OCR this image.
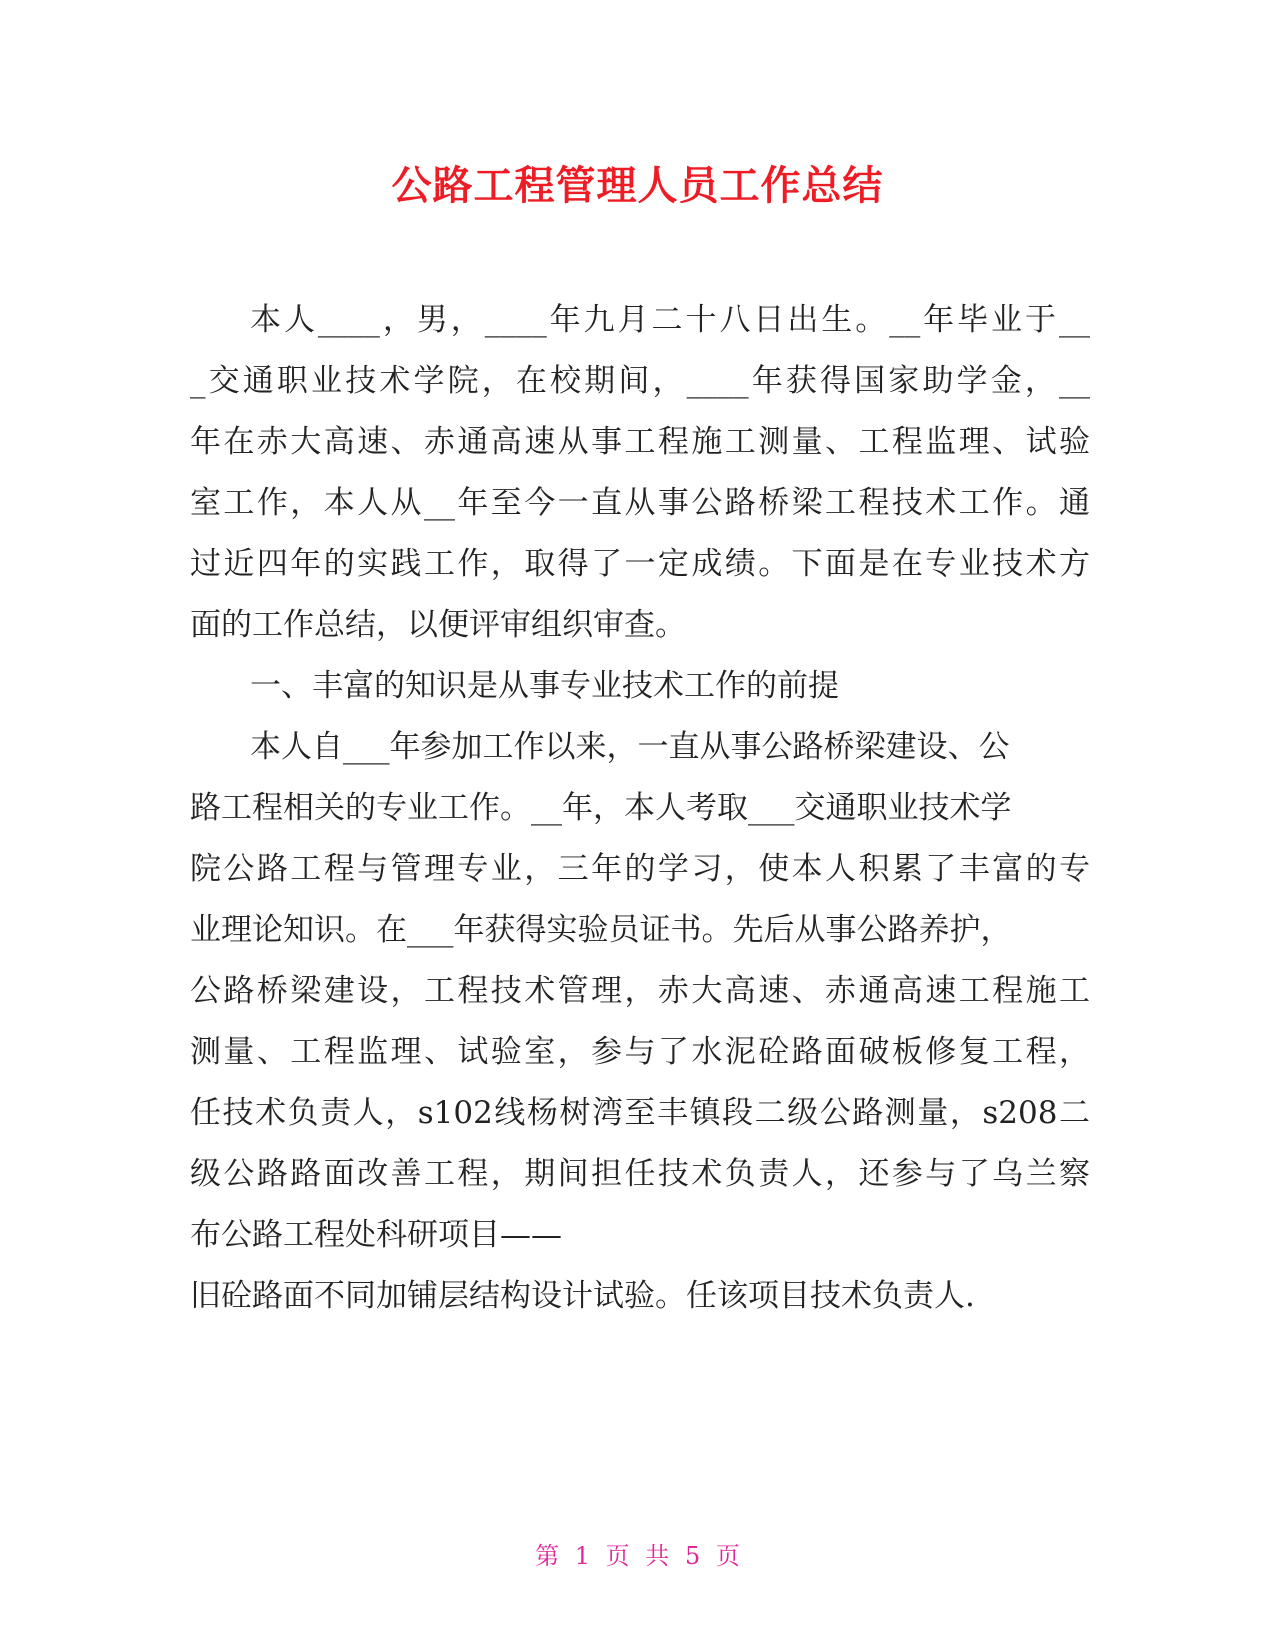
公路工程管理人员工作总结
本人____，男，____年九月二十八日出生。__年毕业于__
_交通职业技术学院，在校期间，____年获得国家助学金，__
年在赤大高速、赤通高速从事工程施工测量、工程监理、试验
室工作，本人从__年至今一直从事公路桥梁工程技术工作。通
过近四年的实践工作，取得了一定成绩。下面是在专业技术方
面的工作总结，以便评审组织审查。
一、丰富的知识是从事专业技术工作的前提
本人自___年参加工作以来，一直从事公路桥梁建设、公
路工程相关的专业工作。__年，本人考取___交通职业技术学
院公路工程与管理专业，三年的学习，使本人积累了丰富的专
业理论知识。在___年获得实验员证书。先后从事公路养护，
公路桥梁建设，工程技术管理，赤大高速、赤通高速工程施工
测量、工程监理、试验室，参与了水泥砼路面破板修复工程，
任技术负责人，s102线杨树湾至丰镇段二级公路测量，s208二
级公路路面改善工程，期间担任技术负责人，还参与了乌兰察
布公路工程处科研项目——
旧砼路面不同加铺层结构设计试验。任该项目技术负责人.
第 1 页 共 5 页
